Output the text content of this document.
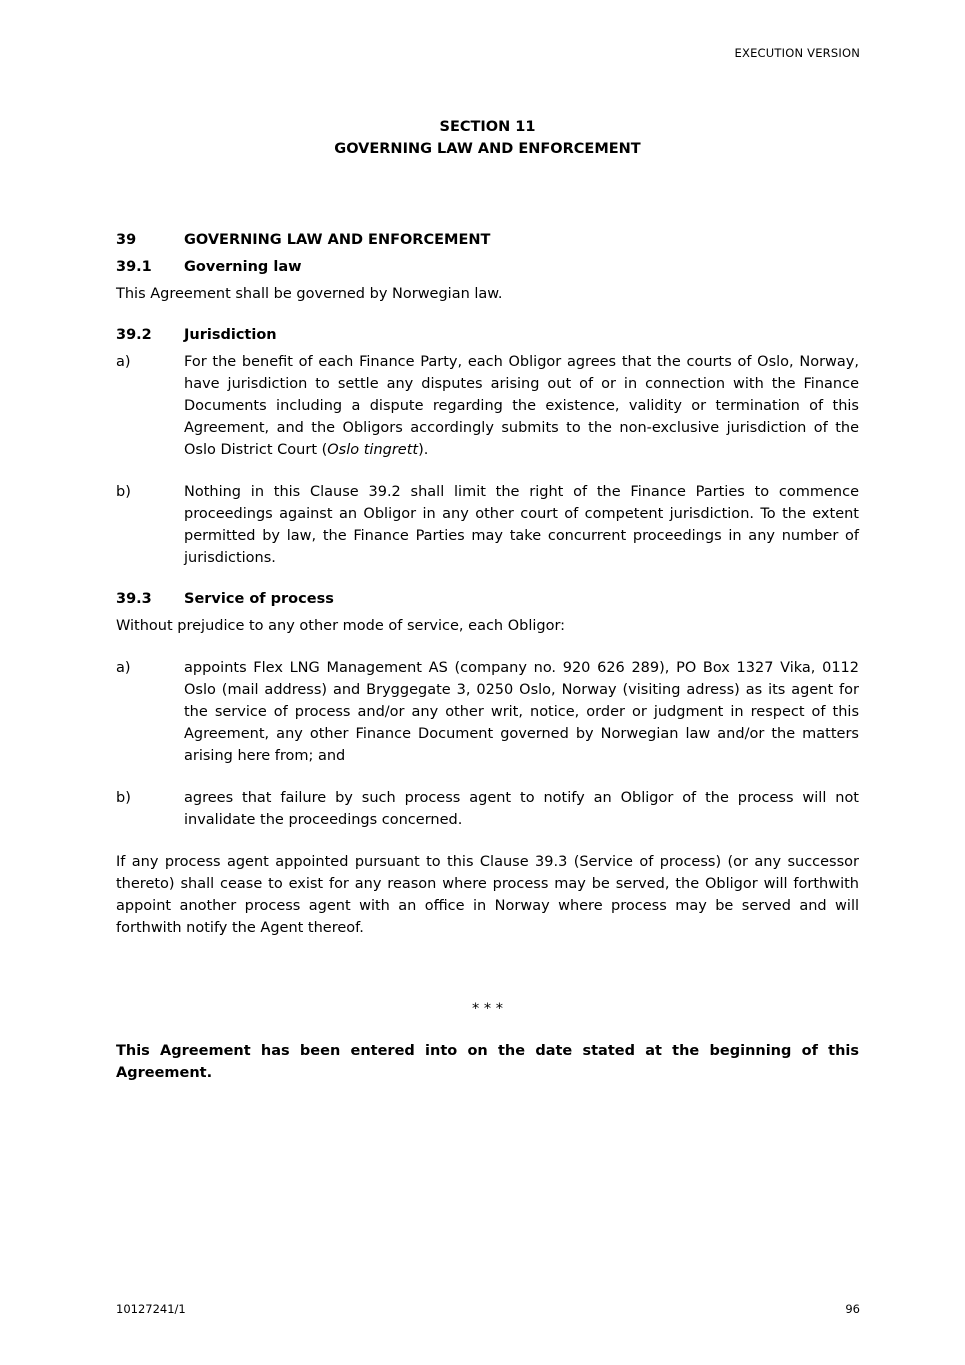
EXECUTION VERSION
SECTION 11
GOVERNING LAW AND ENFORCEMENT
39	GOVERNING LAW AND ENFORCEMENT
39.1	Governing law
This Agreement shall be governed by Norwegian law.
39.2	Jurisdiction
a)	For the benefit of each Finance Party, each Obligor agrees that the courts of Oslo, Norway, have jurisdiction to settle any disputes arising out of or in connection with the Finance Documents including a dispute regarding the existence, validity or termination of this Agreement, and the Obligors accordingly submits to the non-exclusive jurisdiction of the Oslo District Court (Oslo tingrett).
b)	Nothing in this Clause 39.2 shall limit the right of the Finance Parties to commence proceedings against an Obligor in any other court of competent jurisdiction. To the extent permitted by law, the Finance Parties may take concurrent proceedings in any number of jurisdictions.
39.3	Service of process
Without prejudice to any other mode of service, each Obligor:
a)	appoints Flex LNG Management AS (company no. 920 626 289), PO Box 1327 Vika, 0112 Oslo (mail address) and Bryggegate 3, 0250 Oslo, Norway (visiting adress) as its agent for the service of process and/or any other writ, notice, order or judgment in respect of this Agreement, any other Finance Document governed by Norwegian law and/or the matters arising here from; and
b)	agrees that failure by such process agent to notify an Obligor of the process will not invalidate the proceedings concerned.
If any process agent appointed pursuant to this Clause 39.3 (Service of process) (or any successor thereto) shall cease to exist for any reason where process may be served, the Obligor will forthwith appoint another process agent with an office in Norway where process may be served and will forthwith notify the Agent thereof.
* * *
This Agreement has been entered into on the date stated at the beginning of this Agreement.
10127241/1	96
